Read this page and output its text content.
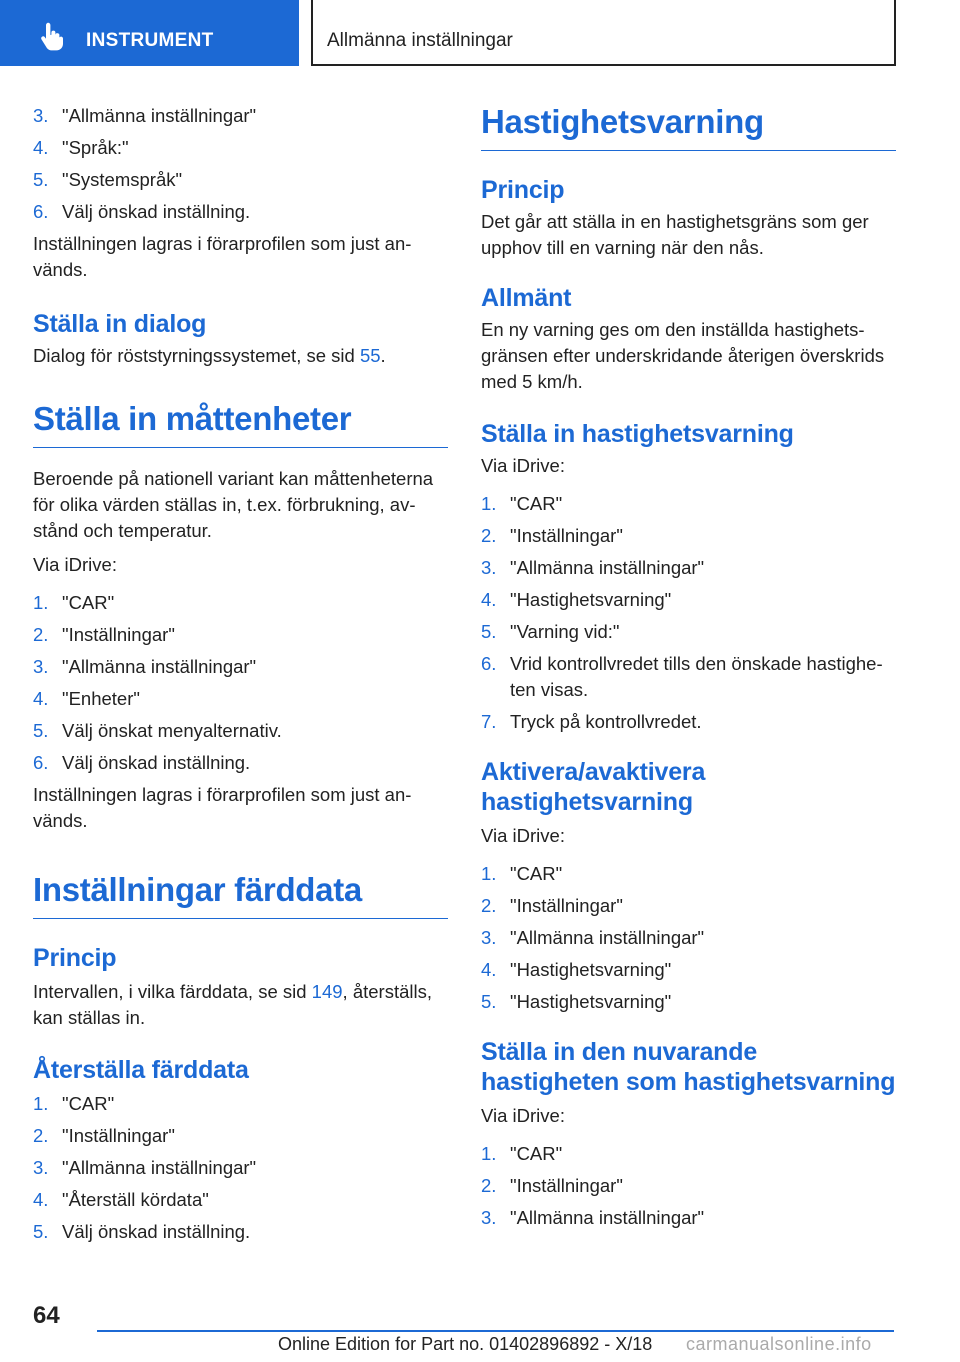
INSTRUMENT	Allmänna inställningar
3. "Allmänna inställningar"
4. "Språk:"
5. "Systemspråk"
6. Välj önskad inställning.

Inställningen lagras i förarprofilen som just an‐ vänds.

Ställa in dialog

Dialog för röststyrningssystemet, se sid 55.

Ställa in måttenheter

Beroende på nationell variant kan måttenheterna för olika värden ställas in, t.ex. förbrukning, av‐ stånd och temperatur.

Via iDrive:

1. "CAR"
2. "Inställningar"
3. "Allmänna inställningar"
4. "Enheter"
5. Välj önskat menyalternativ.
6. Välj önskad inställning.

Inställningen lagras i förarprofilen som just an‐ vänds.

Inställningar färddata
Princip

Intervallen, i vilka färddata, se sid 149, återställs, kan ställas in.

Återställa färddata
1. "CAR"
2. "Inställningar"
3. "Allmänna inställningar"
4. "Återställ kördata"
5. Välj önskad inställning.
Hastighetsvarning
Princip

Det går att ställa in en hastighetsgräns som ger upphov till en varning när den nås.

Allmänt

En ny varning ges om den inställda hastighets‐ gränsen efter underskridande återigen överskrids med 5 km/h.

Ställa in hastighetsvarning

Via iDrive:

1. "CAR"
2. "Inställningar"
3. "Allmänna inställningar"
4. "Hastighetsvarning"
5. "Varning vid:"
6. Vrid kontrollvredet tills den önskade hastighe‐ ten visas.
7. Tryck på kontrollvredet.
Aktivera/avaktivera hastighetsvarning

Via iDrive:

1. "CAR"
2. "Inställningar"
3. "Allmänna inställningar"
4. "Hastighetsvarning"
5. "Hastighetsvarning"
Ställa in den nuvarande hastigheten som hastighetsvarning

Via iDrive:

1. "CAR"
2. "Inställningar"
3. "Allmänna inställningar"
64
Online Edition for Part no. 01402896892 - X/18 carmanualsonline.info
